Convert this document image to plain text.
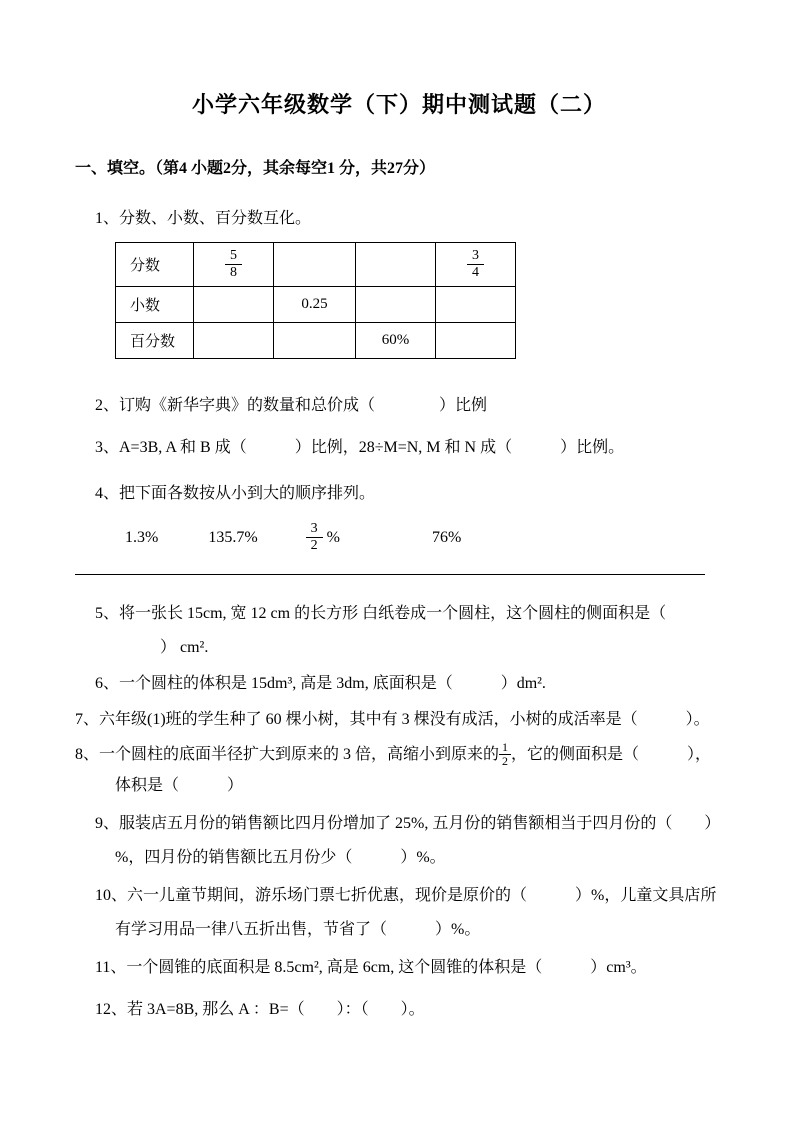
小学六年级数学（下）期中测试题（二）
一、填空。（第4 小题2分，其余每空1 分，共27分）
1、分数、小数、百分数互化。
分数	$\frac{5}{8}$			$\frac{3}{4}$

小数		0.25		
百分数			60%	
2、订购《新华字典》的数量和总价成（　　　　）比例
3、A=3B, A 和 B 成（　　　）比例，28÷M=N, M 和 N 成（　　　）比例。
4、把下面各数按从小到大的顺序排列。
1.3%	135.7%	$\frac{3}{2}$ %	76%
5、将一张长 15cm, 宽 12 cm 的长方形 白纸卷成一个圆柱，这个圆柱的侧面积是（
） cm².
6、一个圆柱的体积是 15dm³, 高是 3dm, 底面积是（　　　）dm².
7、六年级(1)班的学生种了 60 棵小树，其中有 3 棵没有成活，小树的成活率是（　　　）。
8、一个圆柱的底面半径扩大到原来的 3 倍，高缩小到原来的 $\frac{1}{2}$ ，它的侧面积是（　　　），
体积是（　　　）
9、服装店五月份的销售额比四月份增加了 25%, 五月份的销售额相当于四月份的（　　）
%，四月份的销售额比五月份少（　　　）%。
10、六一儿童节期间，游乐场门票七折优惠，现价是原价的（　　　）%，儿童文具店所
有学习用品一律八五折出售，节省了（　　　）%。
11、一个圆锥的底面积是 8.5cm², 高是 6cm, 这个圆锥的体积是（　　　）cm³。
12、若 3A=8B, 那么 A ：B=（　　）：（　　）。
